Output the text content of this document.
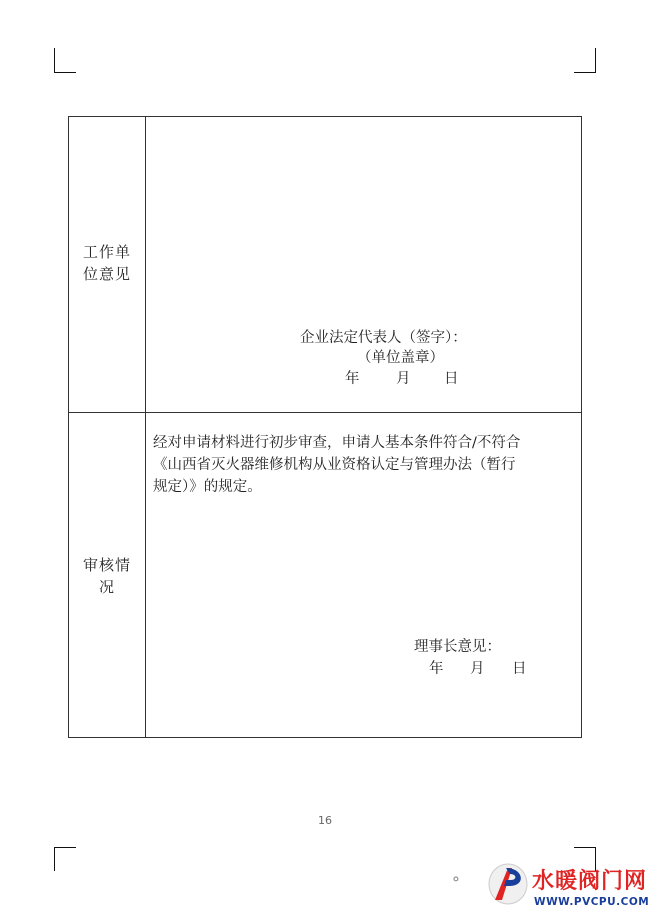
工作单
位意见
企业法定代表人（签字）：
（单位盖章）
年	月 日
审核情
况
经对申请材料进行初步审查，申请人基本条件符合/不符合
《山西省灭火器维修机构从业资格认定与管理办法（暂行
规定）》的规定。
理事长意见：
年 月 日
16
⚬	水暖阀门网
WWW.PVCPU.COM
